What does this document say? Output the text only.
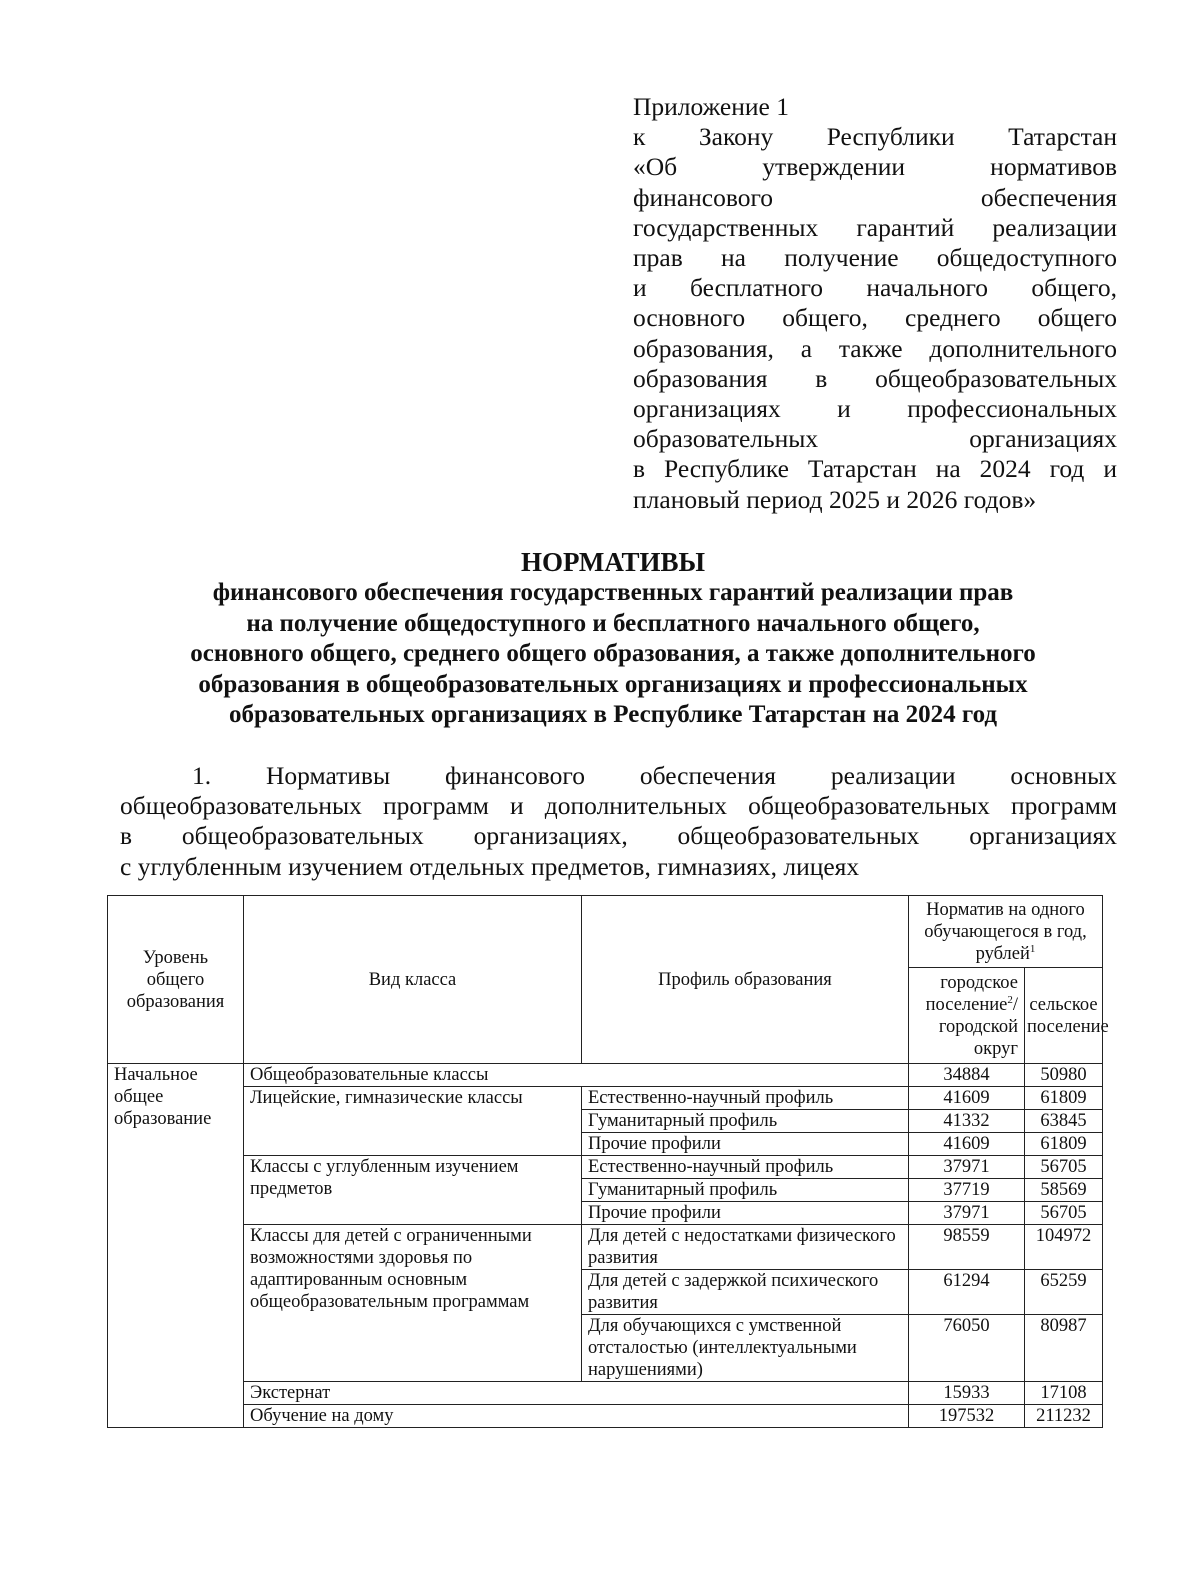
Приложение 1
к Закону Республики Татарстан
«Об утверждении нормативов
финансового обеспечения
государственных гарантий реализации
прав на получение общедоступного
и бесплатного начального общего,
основного общего, среднего общего
образования, а также дополнительного
образования в общеобразовательных
организациях и профессиональных
образовательных организациях
в Республике Татарстан на 2024 год и
плановый период 2025 и 2026 годов»
НОРМАТИВЫ
финансового обеспечения государственных гарантий реализации прав
на получение общедоступного и бесплатного начального общего,
основного общего, среднего общего образования, а также дополнительного
образования в общеобразовательных организациях и профессиональных
образовательных организациях в Республике Татарстан на 2024 год
1. Нормативы финансового обеспечения реализации основных
общеобразовательных программ и дополнительных общеобразовательных программ
в общеобразовательных организациях, общеобразовательных организациях
с углубленным изучением отдельных предметов, гимназиях, лицеях
Уровень общего образования	Вид класса	Профиль образования	Норматив на одного обучающегося в год, рублей$^1$
			городское поселение$^2$/ городской округ	сельское поселение
Начальное общее образование	Общеобразовательные классы		34884	50980
	Лицейские, гимназические классы	Естественно-научный профиль	41609	61809
		Гуманитарный профиль	41332	63845
		Прочие профили	41609	61809
	Классы с углубленным изучением предметов	Естественно-научный профиль	37971	56705
		Гуманитарный профиль	37719	58569
		Прочие профили	37971	56705
	Классы для детей с ограниченными возможностями здоровья по адаптированным основным общеобразовательным программам	Для детей с недостатками физического развития	98559	104972
		Для детей с задержкой психического развития	61294	65259
		Для обучающихся с умственной отсталостью (интеллектуальными нарушениями)	76050	80987
	Экстернат		15933	17108
	Обучение на дому		197532	211232
